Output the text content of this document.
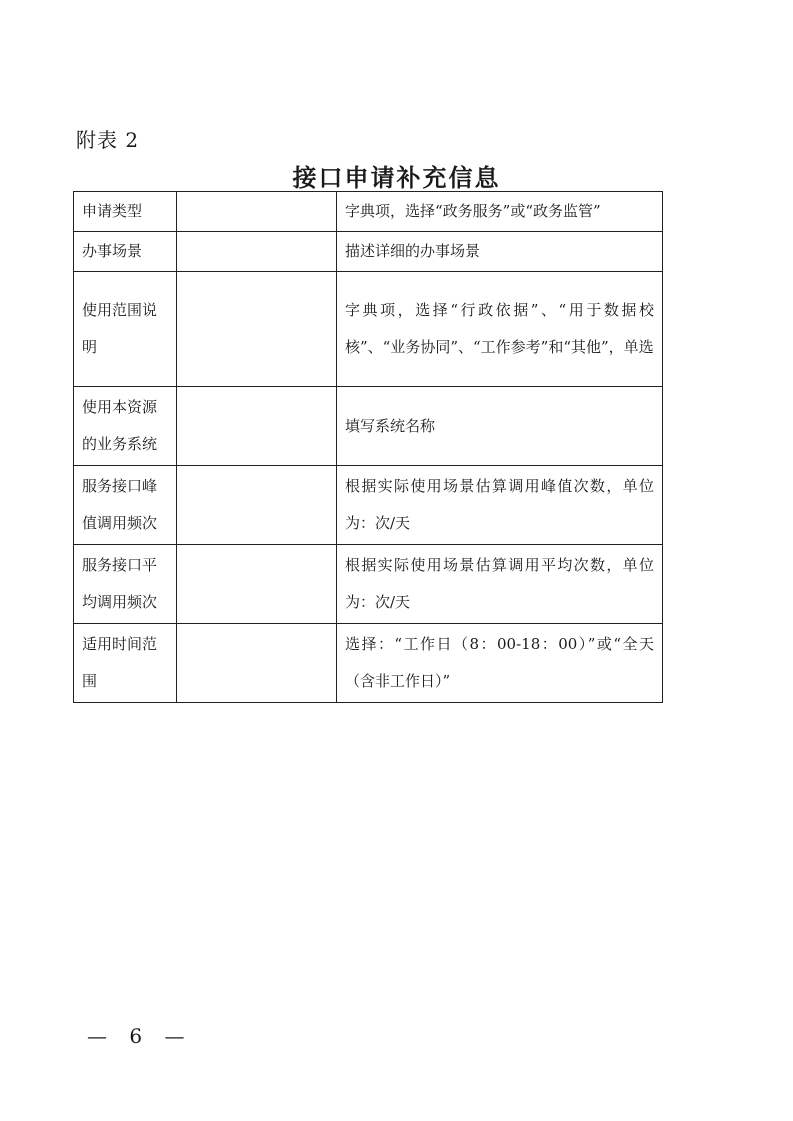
附表 2
接口申请补充信息
申请类型		字典项，选择“政务服务”或“政务监管”
办事场景		描述详细的办事场景
使用范围说明		字典项，选择“行政依据”、“用于数据校核”、“业务协同”、“工作参考”和“其他”，单选
使用本资源的业务系统		填写系统名称
服务接口峰值调用频次		根据实际使用场景估算调用峰值次数，单位为：次/天
服务接口平均调用频次		根据实际使用场景估算调用平均次数，单位为：次/天
适用时间范围		选择：“工作日（8：00-18：00）”或“全天（含非工作日）”
— 6 —
